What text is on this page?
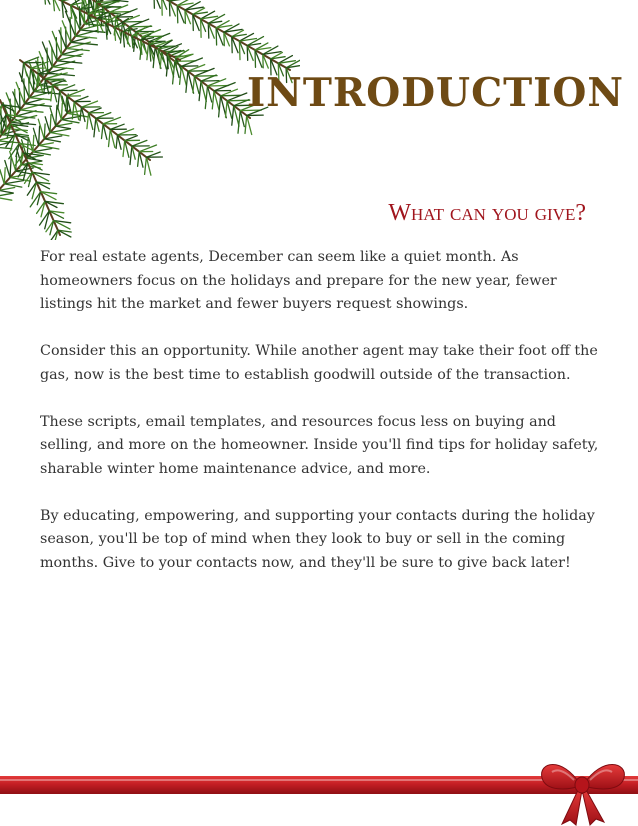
INTRODUCTION
What can you give?

For real estate agents, December can seem like a quiet month. As homeowners focus on the holidays and prepare for the new year, fewer listings hit the market and fewer buyers request showings.

Consider this an opportunity. While another agent may take their foot off the gas, now is the best time to establish goodwill outside of the transaction.

These scripts, email templates, and resources focus less on buying and selling, and more on the homeowner. Inside you'll find tips for holiday safety, sharable winter home maintenance advice, and more.

By educating, empowering, and supporting your contacts during the holiday season, you'll be top of mind when they look to buy or sell in the coming months. Give to your contacts now, and they'll be sure to give back later!
